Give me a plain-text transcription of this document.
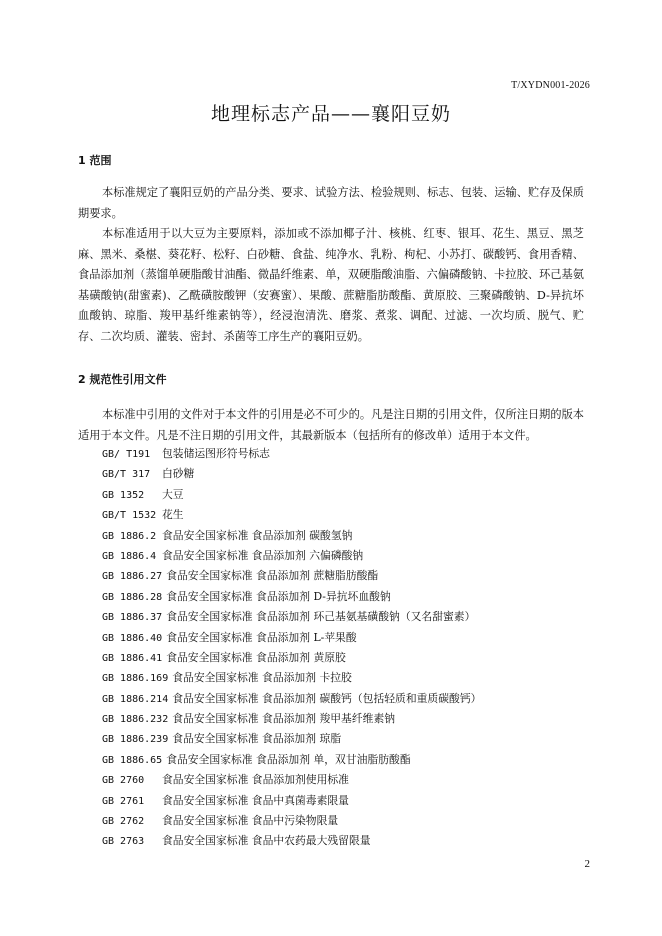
T/XYDN001-2026
地理标志产品——襄阳豆奶
1 范围

本标准规定了襄阳豆奶的产品分类、要求、试验方法、检验规则、标志、包装、运输、贮存及保质期要求。

本标准适用于以大豆为主要原料，添加或不添加椰子汁、核桃、红枣、银耳、花生、黑豆、黑芝麻、黑米、桑椹、葵花籽、松籽、白砂糖、食盐、纯净水、乳粉、枸杞、小苏打、碳酸钙、食用香精、食品添加剂（蒸馏单硬脂酸甘油酯、微晶纤维素、单，双硬脂酸油脂、六偏磷酸钠、卡拉胶、环己基氨基磺酸钠(甜蜜素)、乙酰磺胺酸钾（安赛蜜）、果酸、蔗糖脂肪酸酯、黄原胶、三聚磷酸钠、D-异抗坏血酸钠、琼脂、羧甲基纤维素钠等），经浸泡清洗、磨浆、煮浆、调配、过滤、一次均质、脱气、贮存、二次均质、灌装、密封、杀菌等工序生产的襄阳豆奶。

2 规范性引用文件

本标准中引用的文件对于本文件的引用是必不可少的。凡是注日期的引用文件，仅所注日期的版本适用于本文件。凡是不注日期的引用文件，其最新版本（包括所有的修改单）适用于本文件。

GB/ T191 包装储运图形符号标志
GB/T 317 白砂糖
GB 1352 大豆
GB/T 1532 花生
GB 1886.2 食品安全国家标准 食品添加剂 碳酸氢钠
GB 1886.4 食品安全国家标准 食品添加剂 六偏磷酸钠
GB 1886.27 食品安全国家标准 食品添加剂 蔗糖脂肪酸酯
GB 1886.28 食品安全国家标准 食品添加剂 D-异抗坏血酸钠
GB 1886.37 食品安全国家标准 食品添加剂 环己基氨基磺酸钠（又名甜蜜素）
GB 1886.40 食品安全国家标准 食品添加剂 L-苹果酸
GB 1886.41 食品安全国家标准 食品添加剂 黄原胶
GB 1886.169 食品安全国家标准 食品添加剂 卡拉胶
GB 1886.214 食品安全国家标准 食品添加剂 碳酸钙（包括轻质和重质碳酸钙）
GB 1886.232 食品安全国家标准 食品添加剂 羧甲基纤维素钠
GB 1886.239 食品安全国家标准 食品添加剂 琼脂
GB 1886.65 食品安全国家标准 食品添加剂 单，双甘油脂肪酸酯
GB 2760 食品安全国家标准 食品添加剂使用标准
GB 2761 食品安全国家标准 食品中真菌毒素限量
GB 2762 食品安全国家标准 食品中污染物限量
GB 2763 食品安全国家标准 食品中农药最大残留限量
2
